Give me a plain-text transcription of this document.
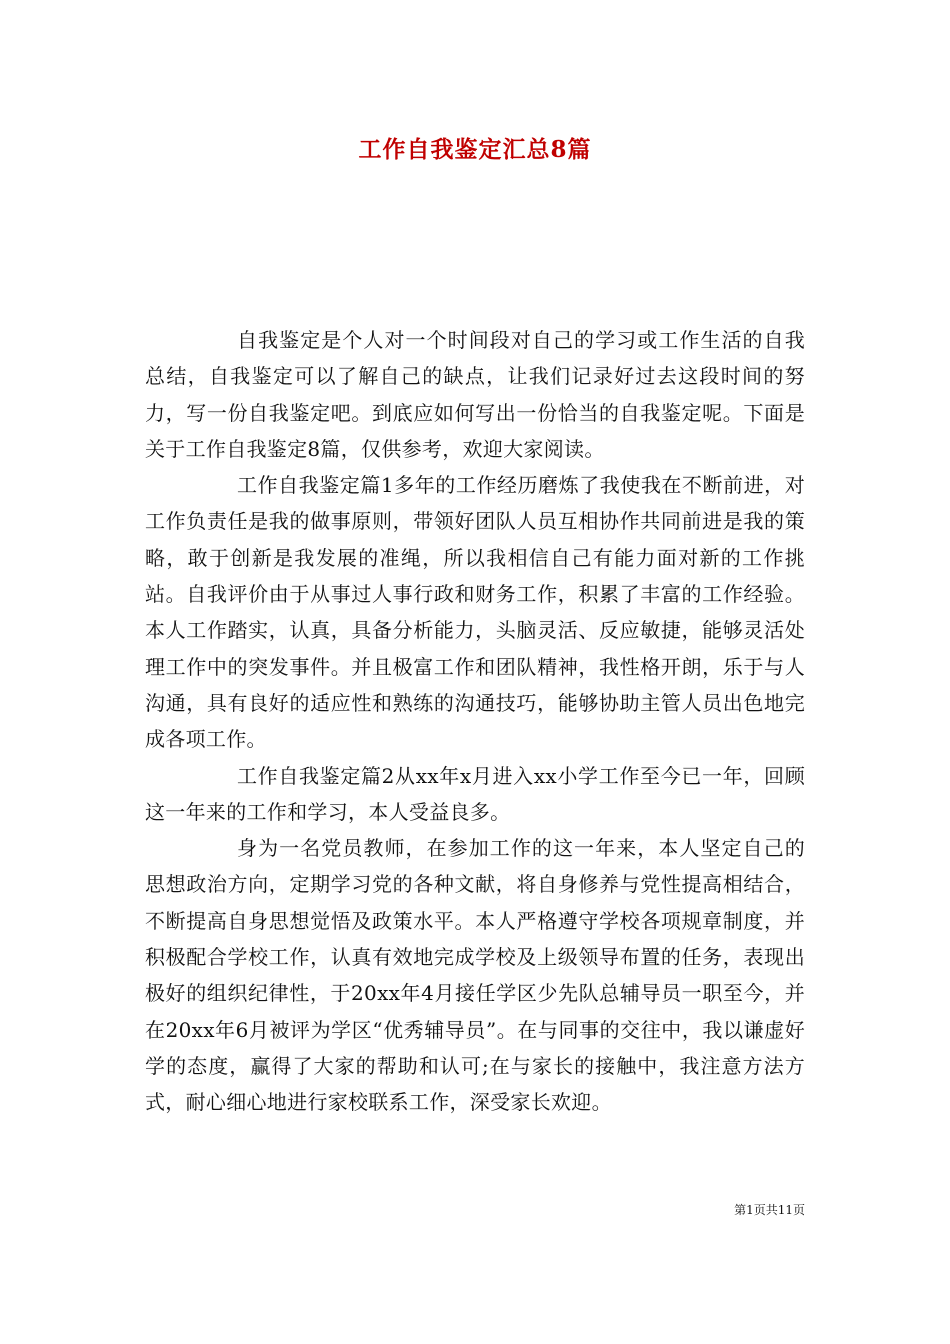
工作自我鉴定汇总8篇

自我鉴定是个人对一个时间段对自己的学习或工作生活的自我总结，自我鉴定可以了解自己的缺点，让我们记录好过去这段时间的努力，写一份自我鉴定吧。到底应如何写出一份恰当的自我鉴定呢。下面是关于工作自我鉴定8篇，仅供参考，欢迎大家阅读。

工作自我鉴定篇1多年的工作经历磨炼了我使我在不断前进，对工作负责任是我的做事原则，带领好团队人员互相协作共同前进是我的策略，敢于创新是我发展的准绳，所以我相信自己有能力面对新的工作挑站。自我评价由于从事过人事行政和财务工作，积累了丰富的工作经验。本人工作踏实，认真，具备分析能力，头脑灵活、反应敏捷，能够灵活处理工作中的突发事件。并且极富工作和团队精神，我性格开朗，乐于与人沟通，具有良好的适应性和熟练的沟通技巧，能够协助主管人员出色地完成各项工作。

工作自我鉴定篇2从xx年x月进入xx小学工作至今已一年，回顾这一年来的工作和学习，本人受益良多。

身为一名党员教师，在参加工作的这一年来，本人坚定自己的思想政治方向，定期学习党的各种文献，将自身修养与党性提高相结合，不断提高自身思想觉悟及政策水平。本人严格遵守学校各项规章制度，并积极配合学校工作，认真有效地完成学校及上级领导布置的任务，表现出极好的组织纪律性，于20xx年4月接任学区少先队总辅导员一职至今，并在20xx年6月被评为学区“优秀辅导员”。在与同事的交往中，我以谦虚好学的态度，赢得了大家的帮助和认可;在与家长的接触中，我注意方法方式，耐心细心地进行家校联系工作，深受家长欢迎。

第1页共11页
